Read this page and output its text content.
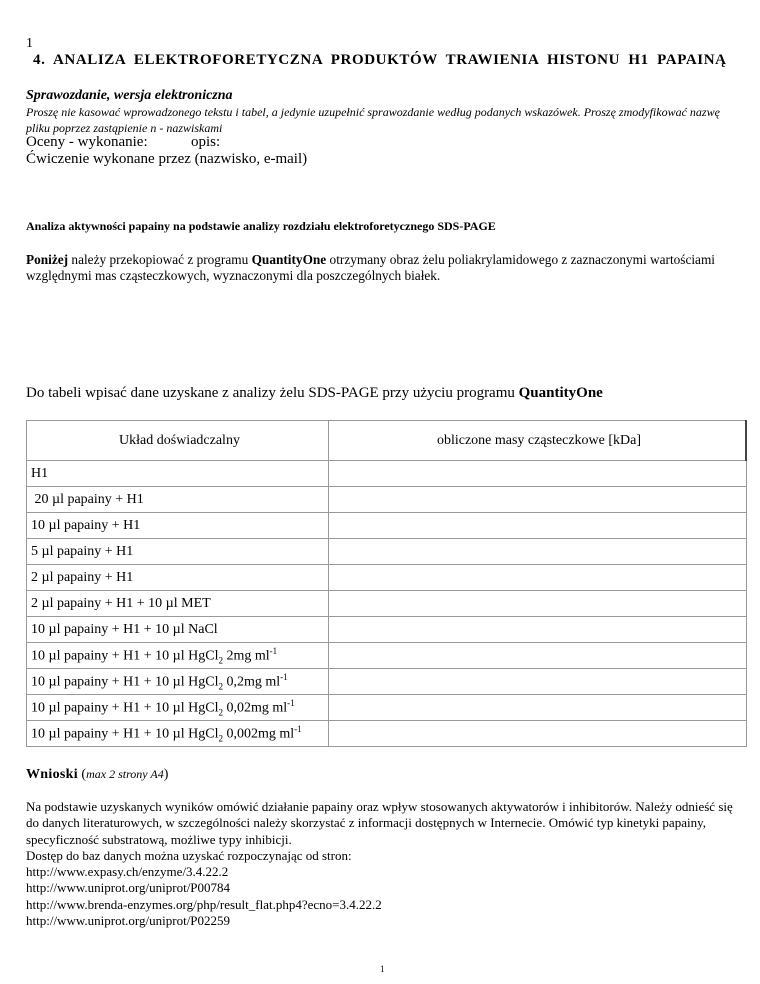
1
4. ANALIZA ELEKTROFORETYCZNA PRODUKTÓW TRAWIENIA HISTONU H1 PAPAINĄ
Sprawozdanie, wersja elektroniczna
Proszę nie kasować wprowadzonego tekstu i tabel, a jedynie uzupełnić sprawozdanie według podanych wskazówek. Proszę zmodyfikować nazwę pliku poprzez zastąpienie n - nazwiskami
Oceny - wykonanie:	opis:
Ćwiczenie wykonane przez (nazwisko, e-mail)
Analiza aktywności papainy na podstawie analizy rozdziału elektroforetycznego SDS-PAGE
Poniżej należy przekopiować z programu QuantityOne otrzymany obraz żelu poliakrylamidowego z zaznaczonymi wartościami względnymi mas cząsteczkowych, wyznaczonymi dla poszczególnych białek.
Do tabeli wpisać dane uzyskane z analizy żelu SDS-PAGE przy użyciu programu QuantityOne
Układ doświadczalny	obliczone masy cząsteczkowe [kDa]
H1	
20 µl papainy + H1	
10 µl papainy + H1	
5 µl papainy + H1	
2 µl papainy + H1	
2 µl papainy + H1 + 10 µl MET	
10 µl papainy + H1 + 10 µl NaCl	
10 µl papainy + H1 + 10 µl HgCl$_2$ 2mg $ml^{-1}$	
10 µl papainy + H1 + 10 µl HgCl$_2$ 0,2mg $ml^{-1}$	
10 µl papainy + H1 + 10 µl HgCl$_2$ 0,02mg $ml^{-1}$	
10 µl papainy + H1 + 10 µl HgCl$_2$ 0,002mg $ml^{-1}$	
Wnioski (max 2 strony A4)
Na podstawie uzyskanych wyników omówić działanie papainy oraz wpływ stosowanych aktywatorów i inhibitorów. Należy odnieść się do danych literaturowych, w szczególności należy skorzystać z informacji dostępnych w Internecie. Omówić typ kinetyki papainy, specyficzność substratową, możliwe typy inhibicji.
Dostęp do baz danych można uzyskać rozpoczynając od stron:
http://www.expasy.ch/enzyme/3.4.22.2
http://www.uniprot.org/uniprot/P00784
http://www.brenda-enzymes.org/php/result_flat.php4?ecno=3.4.22.2
http://www.uniprot.org/uniprot/P02259
1
